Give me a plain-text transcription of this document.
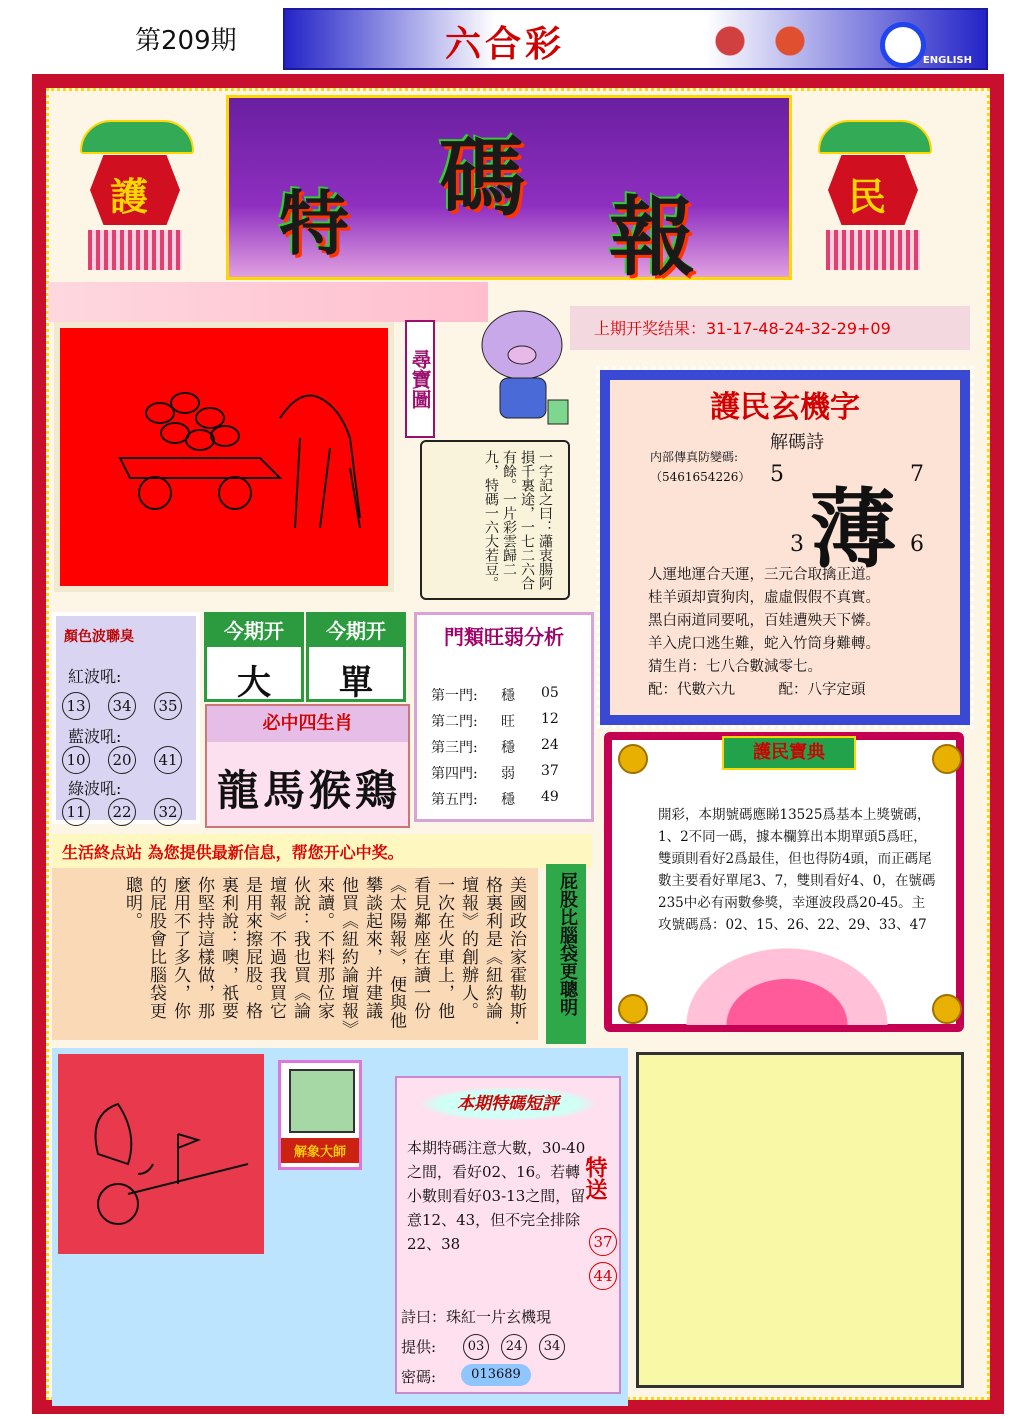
第209期	六合彩	ENGLISH
護 特 碼
報	民
上期开奖结果：31-17-48-24-32-29+09
尋寶圖
一字記之曰：瀟衷腸阿損千裏途，一七二六合有餘。一片彩雲歸二九，特碼一六大若豆。
護民玄機字
解碼詩
内部傳真防變碼:
（5461654226）
薄
5	7
3	6
人運地運合天運，三元合取擒正道。
桂羊頭却賣狗肉，虛虛假假不真實。
黑白兩道同要吼，百娃遭殃天下憐。
羊入虎口逃生難，蛇入竹筒身難轉。
猜生肖：七八合數減零七。
配：代數六九　　　配：八字定頭
顏色波聯臭
紅波吼:
13 34 35
藍波吼:
10 20 41
綠波吼:
11 22 32
今期开
大
今期开
單
必中四生肖
龍馬猴鶏
門類旺弱分析
第一門: 穩 05
第二門: 旺 12
第三門: 穩 24
第四門: 弱 37
第五門: 穩 49
護民寶典
開彩，本期號碼應睇13525爲基本上獎號碼，1、2不同一碼，據本欄算出本期單頭5爲旺，雙頭則看好2爲最佳，但也得防4頭，而正碼尾數主要看好單尾3、7，雙則看好4、0，在號碼235中必有兩數參獎，幸運波段爲20-45。主攻號碼爲：02、15、26、22、29、33、47
生活終点站 為您提供最新信息，帮您开心中奖。
美國政治家霍勒斯·格裏利是《紐約論壇報》的創辦人。一次在火車上，他看見鄰座在讀一份《太陽報》，便與他攀談起來，并建議他買《紐約論壇報》來讀。不料那位家伙說：我也買《論壇報》不過我買它是用來擦屁股。格裏利說：噢，祇要你堅持這樣做，那麼用不了多久，你的屁股會比腦袋更聰明。	屁股比腦袋更聰明
解象大師
本期特碼短評
本期特碼注意大數，30-40之間，看好02、16。若轉小數則看好03-13之間，留意12、43，但不完全排除22、38
特送
37
44
詩曰：珠紅一片玄機現
提供:	03	24	34
密碼:	013689
